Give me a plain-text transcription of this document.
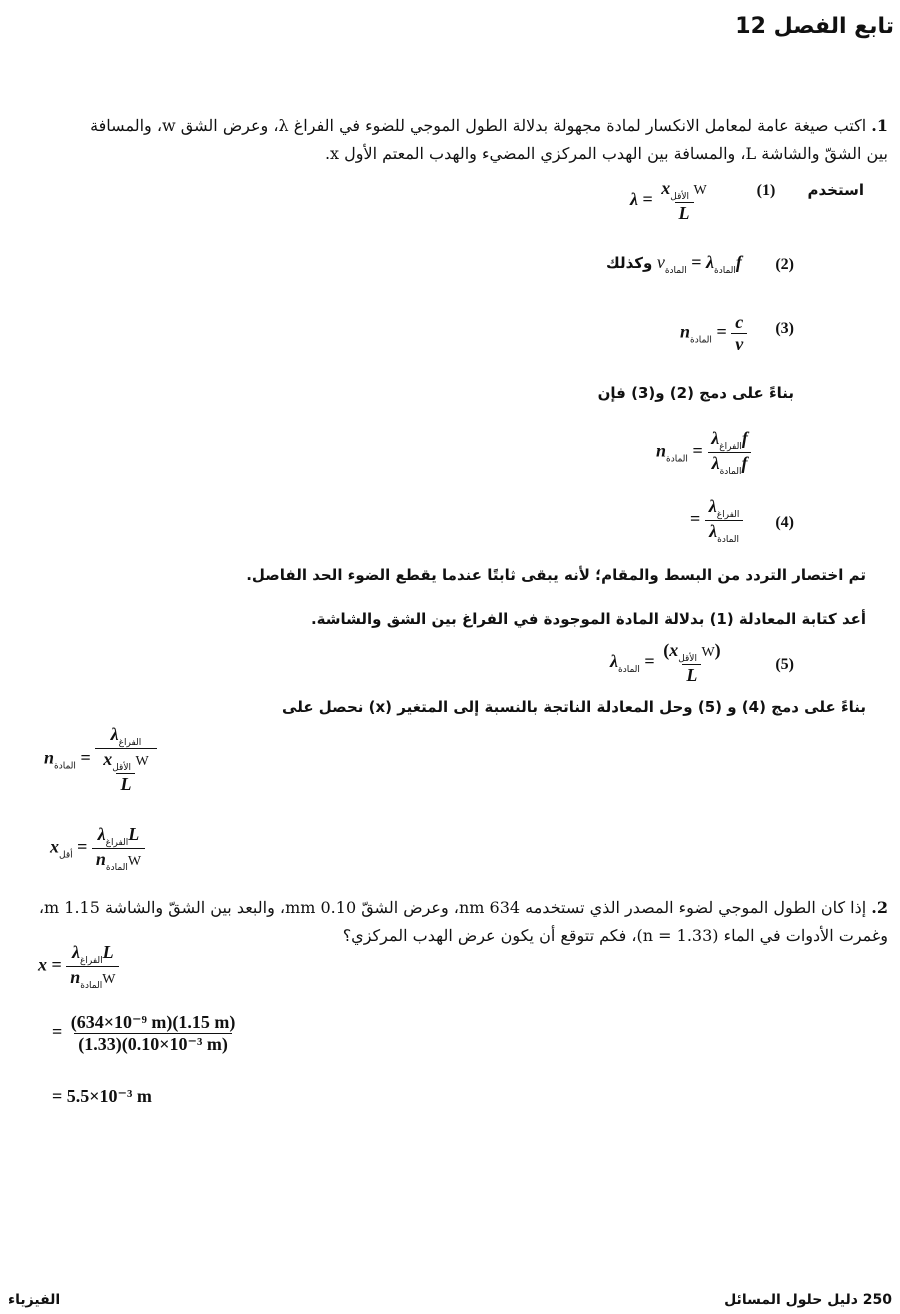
تابع الفصل 12
1. اكتب صيغة عامة لمعامل الانكسار لمادة مجهولة بدلالة الطول الموجي للضوء في الفراغ λ، وعرض الشق w، والمسافة
بين الشقّ والشاشة L، والمسافة بين الهدب المركزي المضيء والهدب المعتم الأول x.
استخدم  (1)
$\lambda = \frac{x_{الأقل} W}{L}$
(2)
وكذلك $v_{المادة} = \lambda_{المادة}f$
(3)
$n_{المادة} = \frac{c}{v}$
بناءً على دمج (2) و(3) فإن
$n_{المادة} = \frac{\lambda_{الفراغ}f}{\lambda_{المادة}f}$
= $\frac{\lambda_{الفراغ}}{\lambda_{المادة}} (4)$
تم اختصار التردد من البسط والمقام؛ لأنه يبقى ثابتًا عندما يقطع الضوء الحد الفاصل.
أعد كتابة المعادلة (1) بدلالة المادة الموجودة في الفراغ بين الشق والشاشة.
$\lambda_{المادة} = \frac{(x_{الأقل} W)}{L}$	(5)
بناءً على دمج (4) و (5) وحل المعادلة الناتجة بالنسبة إلى المتغير (x) نحصل على
$n_{المادة} = \frac{\lambda_{الفراغ}}{\frac{x_{الأقل} W}{L}}$
$x_{أقل} = \frac{\lambda_{الفراغ}L}{n_{المادة}W}$
2. إذا كان الطول الموجي لضوء المصدر الذي تستخدمه 634 nm، وعرض الشقّ 0.10 mm، والبعد بين الشقّ والشاشة 1.15 m،
وغمرت الأدوات في الماء (n = 1.33)، فكم تتوقع أن يكون عرض الهدب المركزي؟
$x = \frac{\lambda_{الفراغ}L}{n_{المادة}W}$
= $\frac{\text{(634×10⁻⁹ m)(1.15 m)}}{\text{(1.33)(0.10×10⁻³ m)}}$
= 5.5×10⁻³ m
250 دليل حلول المسائل
الفيزياء
